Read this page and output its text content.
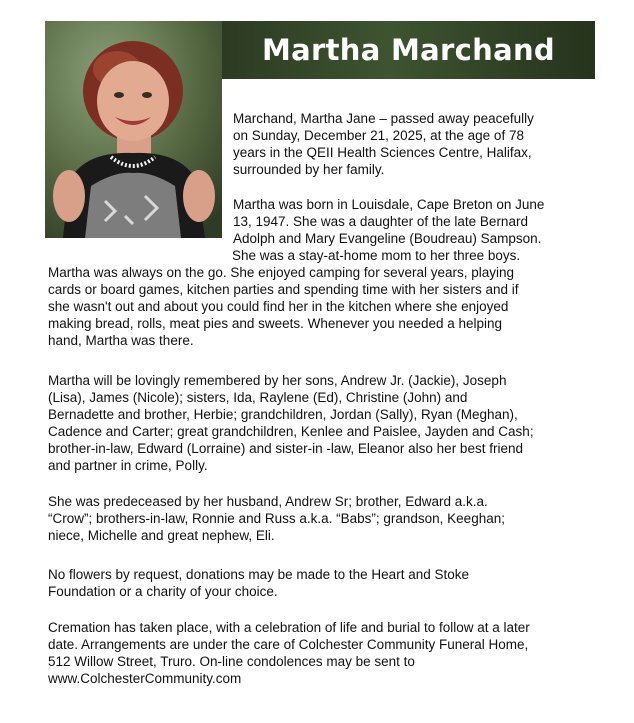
Martha Marchand

Marchand, Martha Jane – passed away peacefully

on Sunday, December 21, 2025, at the age of 78

years in the QEII Health Sciences Centre, Halifax,

surrounded by her family.

Martha was born in Louisdale, Cape Breton on June

13, 1947. She was a daughter of the late Bernard

Adolph and Mary Evangeline (Boudreau) Sampson.

She was a stay-at-home mom to her three boys.

Martha was always on the go. She enjoyed camping for several years, playing

cards or board games, kitchen parties and spending time with her sisters and if

she wasn't out and about you could find her in the kitchen where she enjoyed

making bread, rolls, meat pies and sweets. Whenever you needed a helping

hand, Martha was there.

Martha will be lovingly remembered by her sons, Andrew Jr. (Jackie), Joseph

(Lisa), James (Nicole); sisters, Ida, Raylene (Ed), Christine (John) and

Bernadette and brother, Herbie; grandchildren, Jordan (Sally), Ryan (Meghan),

Cadence and Carter; great grandchildren, Kenlee and Paislee, Jayden and Cash;

brother-in-law, Edward (Lorraine) and sister-in -law, Eleanor also her best friend

and partner in crime, Polly.

She was predeceased by her husband, Andrew Sr; brother, Edward a.k.a.

“Crow”; brothers-in-law, Ronnie and Russ a.k.a. “Babs”; grandson, Keeghan;

niece, Michelle and great nephew, Eli.

No flowers by request, donations may be made to the Heart and Stoke

Foundation or a charity of your choice.

Cremation has taken place, with a celebration of life and burial to follow at a later

date. Arrangements are under the care of Colchester Community Funeral Home,

512 Willow Street, Truro. On-line condolences may be sent to

www.ColchesterCommunity.com
